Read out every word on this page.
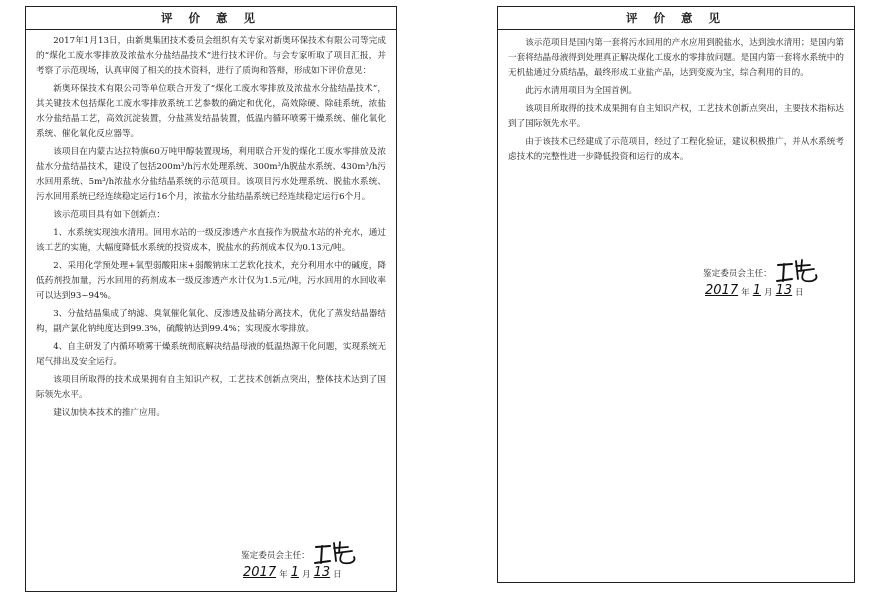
评 价 意 见

2017年1月13日，由新奥集团技术委员会组织有关专家对新奥环保技术有限公司等完成的“煤化工废水零排放及浓盐水分盐结晶技术”进行技术评价。与会专家听取了项目汇报，并考察了示范现场，认真审阅了相关的技术资料，进行了质询和答辩，形成如下评价意见：

新奥环保技术有限公司等单位联合开发了“煤化工废水零排放及浓盐水分盐结晶技术”，其关键技术包括煤化工废水零排放系统工艺参数的确定和优化，高效除硬、除硅系统，浓盐水分盐结晶工艺，高效沉淀装置，分盐蒸发结晶装置，低温内循环喷雾干燥系统、催化氧化系统、催化氧化反应器等。

该项目在内蒙古达拉特旗60万吨甲醇装置现场，利用联合开发的煤化工废水零排放及浓盐水分盐结晶技术，建设了包括200m³/h污水处理系统、300m³/h脱盐水系统、430m³/h污水回用系统、5m³/h浓盐水分盐结晶系统的示范项目。该项目污水处理系统、脱盐水系统、污水回用系统已经连续稳定运行16个月，浓盐水分盐结晶系统已经连续稳定运行6个月。

该示范项目具有如下创新点：

1、水系统实现浊水清用。回用水站的一级反渗透产水直接作为脱盐水站的补充水，通过该工艺的实施，大幅度降低水系统的投资成本，脱盐水的药剂成本仅为0.13元/吨。

2、采用化学预处理+氧型弱酸阳床+弱酸钠床工艺软化技术，充分利用水中的碱度，降低药剂投加量，污水回用的药剂成本一级反渗透产水计仅为1.5元/吨，污水回用的水回收率可以达到93~94%。

3、分盐结晶集成了纳滤、臭氧催化氧化、反渗透及盐硝分离技术，优化了蒸发结晶器结构，副产氯化钠纯度达到99.3%，硫酸钠达到99.4%；实现废水零排放。

4、自主研发了内循环喷雾干燥系统彻底解决结晶母液的低温热源干化问题，实现系统无尾气排出及安全运行。

该项目所取得的技术成果拥有自主知识产权，工艺技术创新点突出，整体技术达到了国际领先水平。

建议加快本技术的推广应用。

鉴定委员会主任：
2017 年 1 月 13 日
评 价 意 见

该示范项目是国内第一套将污水回用的产水应用到脱盐水，达到浊水清用；是国内第一套将结晶母液得到处理真正解决煤化工废水的零排放问题。是国内第一套将水系统中的无机盐通过分质结晶，最终形成工业盐产品，达到变废为宝，综合利用的目的。

此污水清用项目为全国首例。

该项目所取得的技术成果拥有自主知识产权，工艺技术创新点突出，主要技术指标达到了国际领先水平。

由于该技术已经建成了示范项目，经过了工程化验证，建议积极推广，并从水系统考虑技术的完整性进一步降低投资和运行的成本。

鉴定委员会主任：
2017 年 1 月 13 日
